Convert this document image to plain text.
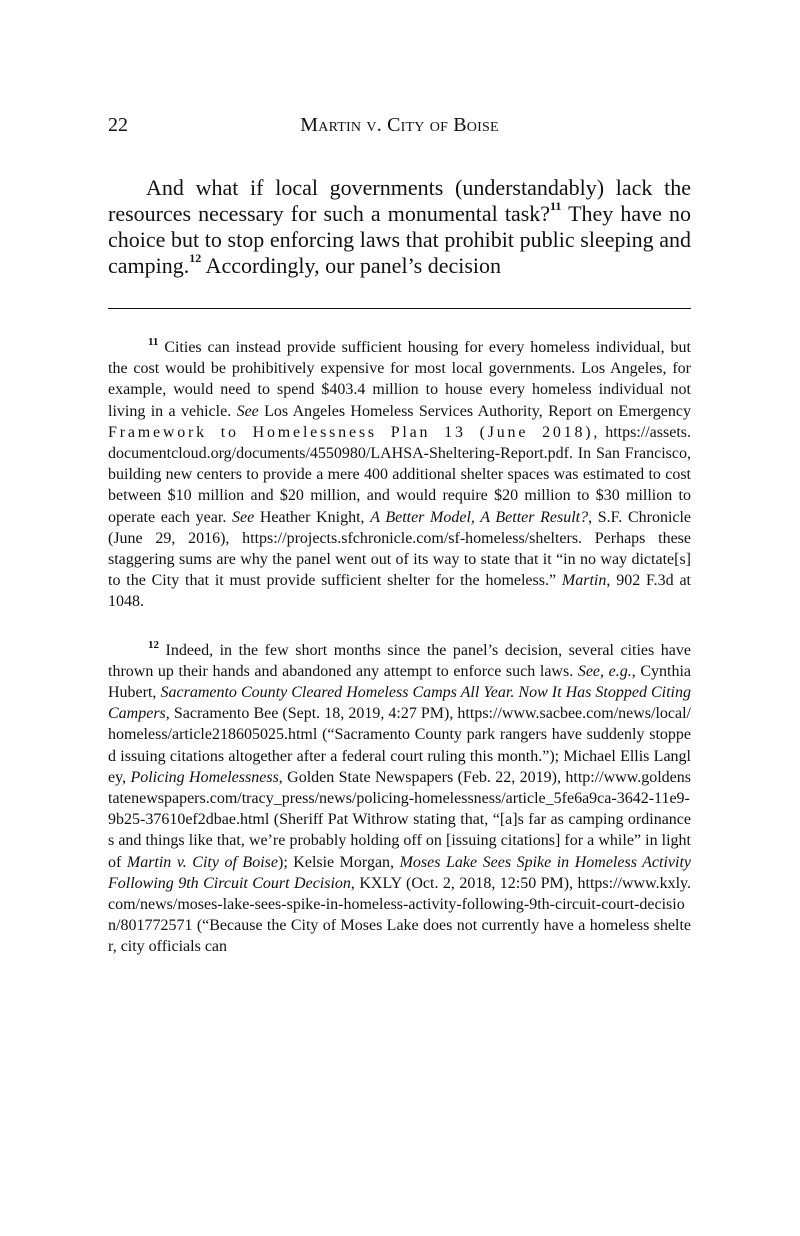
22	Martin v. City of Boise

And what if local governments (understandably) lack the resources necessary for such a monumental task?$^{11}$ They have no choice but to stop enforcing laws that prohibit public sleeping and camping.$^{12}$ Accordingly, our panel’s decision

$^{11}$ Cities can instead provide sufficient housing for every homeless individual, but the cost would be prohibitively expensive for most local governments. Los Angeles, for example, would need to spend $403.4 million to house every homeless individual not living in a vehicle. See Los Angeles Homeless Services Authority, Report on Emergency Framework to Homelessness Plan 13 (June 2018), https://assets.documentcloud.org/documents/4550980/LAHSA-Sheltering-Report.pdf. In San Francisco, building new centers to provide a mere 400 additional shelter spaces was estimated to cost between $10 million and $20 million, and would require $20 million to $30 million to operate each year. See Heather Knight, A Better Model, A Better Result?, S.F. Chronicle (June 29, 2016), https://projects.sfchronicle.com/sf-homeless/shelters. Perhaps these staggering sums are why the panel went out of its way to state that it “in no way dictate[s] to the City that it must provide sufficient shelter for the homeless.” Martin, 902 F.3d at 1048.

$^{12}$ Indeed, in the few short months since the panel’s decision, several cities have thrown up their hands and abandoned any attempt to enforce such laws. See, e.g., Cynthia Hubert, Sacramento County Cleared Homeless Camps All Year. Now It Has Stopped Citing Campers, Sacramento Bee (Sept. 18, 2019, 4:27 PM), https://www.sacbee.com/news/local/homeless/article218605025.html (“Sacramento County park rangers have suddenly stopped issuing citations altogether after a federal court ruling this month.”); Michael Ellis Langley, Policing Homelessness, Golden State Newspapers (Feb. 22, 2019), http://www.goldenstatenewspapers.com/tracy_press/news/policing-homelessness/article_5fe6a9ca-3642-11e9-9b25-37610ef2dbae.html (Sheriff Pat Withrow stating that, “[a]s far as camping ordinances and things like that, we’re probably holding off on [issuing citations] for a while” in light of Martin v. City of Boise); Kelsie Morgan, Moses Lake Sees Spike in Homeless Activity Following 9th Circuit Court Decision, KXLY (Oct. 2, 2018, 12:50 PM), https://www.kxly.com/news/moses-lake-sees-spike-in-homeless-activity-following-9th-circuit-court-decision/801772571 (“Because the City of Moses Lake does not currently have a homeless shelter, city officials can
